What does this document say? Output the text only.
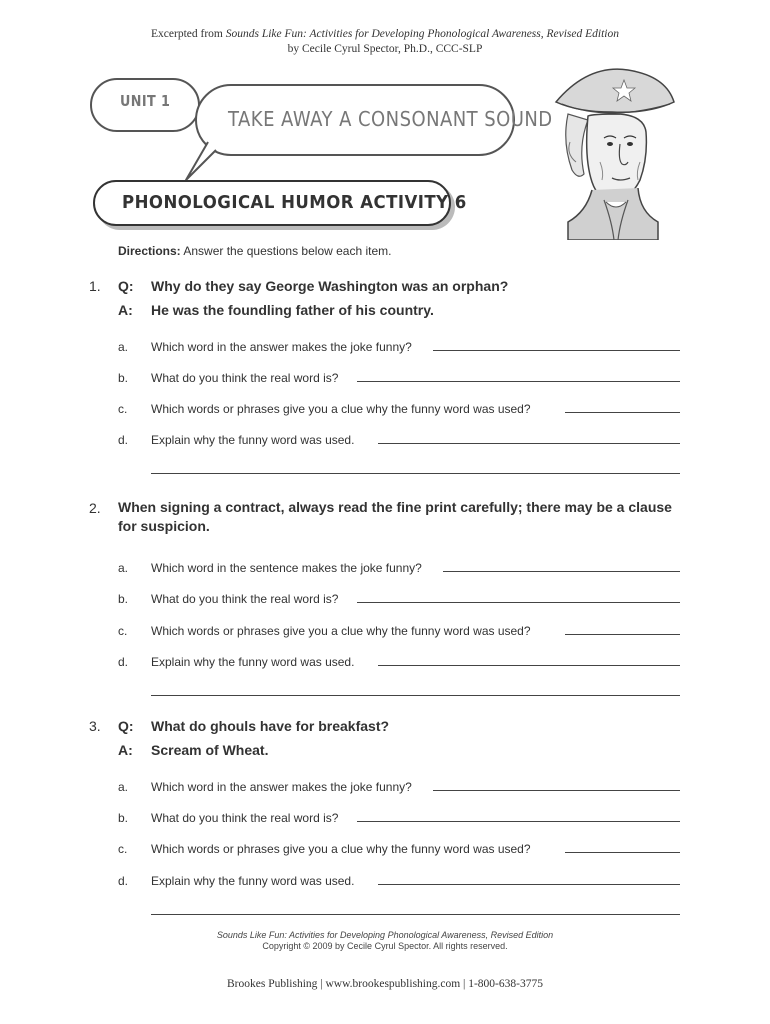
Excerpted from Sounds Like Fun: Activities for Developing Phonological Awareness, Revised Edition
by Cecile Cyrul Spector, Ph.D., CCC-SLP
UNIT 1
TAKE AWAY A CONSONANT SOUND
PHONOLOGICAL HUMOR ACTIVITY 6
Directions: Answer the questions below each item.
1. Q: Why do they say George Washington was an orphan?
A: He was the foundling father of his country.
a. Which word in the answer makes the joke funny?
b. What do you think the real word is?
c. Which words or phrases give you a clue why the funny word was used?
d. Explain why the funny word was used.
2. When signing a contract, always read the fine print carefully; there may be a clause for suspicion.
a. Which word in the sentence makes the joke funny?
b. What do you think the real word is?
c. Which words or phrases give you a clue why the funny word was used?
d. Explain why the funny word was used.
3. Q: What do ghouls have for breakfast?
A: Scream of Wheat.
a. Which word in the answer makes the joke funny?
b. What do you think the real word is?
c. Which words or phrases give you a clue why the funny word was used?
d. Explain why the funny word was used.
Sounds Like Fun: Activities for Developing Phonological Awareness, Revised Edition
Copyright © 2009 by Cecile Cyrul Spector. All rights reserved.
Brookes Publishing | www.brookespublishing.com | 1-800-638-3775
